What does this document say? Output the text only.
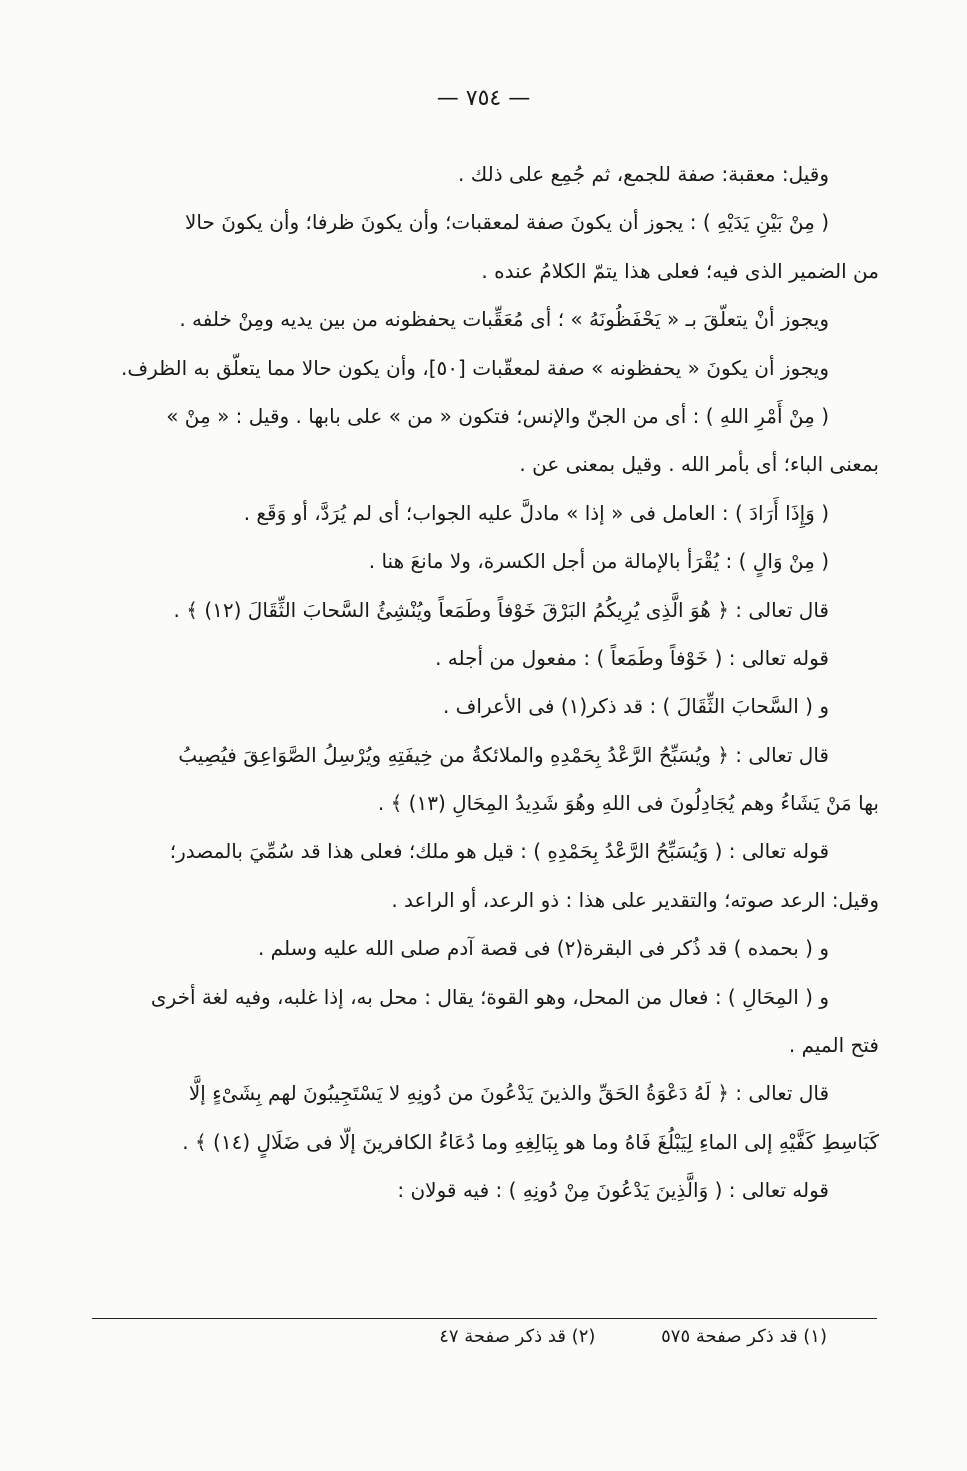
— ٧٥٤ —
وقيل: معقبة: صفة للجمع، ثم جُمِع على ذلك .
( مِنْ بَيْنِ يَدَيْهِ ) : يجوز أن يكونَ صفة لمعقبات؛ وأن يكونَ ظرفا؛ وأن يكونَ حالا
من الضمير الذى فيه؛ فعلى هذا يتمّ الكلامُ عنده .
ويجوز أنْ يتعلّقَ بـ « يَحْفَظُونَهُ » ؛ أى مُعَقِّبات يحفظونه من بين يديه ومِنْ خلفه .
ويجوز أن يكونَ « يحفظونه » صفة لمعقّبات [٥٠]، وأن يكون حالا مما يتعلّق به الظرف.
( مِنْ أَمْرِ اللهِ ) : أى من الجنّ والإنس؛ فتكون « من » على بابها . وقيل : « مِنْ »
بمعنى الباء؛ أى بأمر الله . وقيل بمعنى عن .
( وَإِذَا أَرَادَ ) : العامل فى « إذا » مادلَّ عليه الجواب؛ أى لم يُرَدَّ، أو وَقَع .
( مِنْ وَالٍ ) : يُقْرَأ بالإمالة من أجل الكسرة، ولا مانعَ هنا .
قال تعالى : ﴿ هُوَ الَّذِى يُرِيكُمُ البَرْقَ خَوْفاً وطَمَعاً ويُنْشِئُ السَّحابَ الثِّقَالَ (١٢) ﴾ .
قوله تعالى : ( خَوْفاً وطَمَعاً ) : مفعول من أجله .
و ( السَّحابَ الثِّقَالَ ) : قد ذكر(١) فى الأعراف .
قال تعالى : ﴿ ويُسَبِّحُ الرَّعْدُ بِحَمْدِهِ والملائكةُ من خِيفَتِهِ ويُرْسِلُ الصَّوَاعِقَ فيُصِيبُ
بها مَنْ يَشَاءُ وهم يُجَادِلُونَ فى اللهِ وهُوَ شَدِيدُ المِحَالِ (١٣) ﴾ .
قوله تعالى : ( وَيُسَبِّحُ الرَّعْدُ بِحَمْدِهِ ) : قيل هو ملك؛ فعلى هذا قد سُمِّيَ بالمصدر؛
وقيل: الرعد صوته؛ والتقدير على هذا : ذو الرعد، أو الراعد .
و ( بحمده ) قد ذُكر فى البقرة(٢) فى قصة آدم صلى الله عليه وسلم .
و ( المِحَالِ ) : فعال من المحل، وهو القوة؛ يقال : محل به، إذا غلبه، وفيه لغة أخرى
فتح الميم .
قال تعالى : ﴿ لَهُ دَعْوَةُ الحَقِّ والذينَ يَدْعُونَ من دُونِهِ لا يَسْتَجِيبُونَ لهم بِشَىْءٍ إلَّا
كَبَاسِطِ كَفَّيْهِ إلى الماءِ لِيَبْلُغَ فَاهُ وما هو بِبَالِغِهِ وما دُعَاءُ الكافرينَ إلّا فى ضَلَالٍ (١٤) ﴾ .
قوله تعالى : ( وَالَّذِينَ يَدْعُونَ مِنْ دُونِهِ ) : فيه قولان :
(١) قد ذكر صفحة ٥٧٥ (٢) قد ذكر صفحة ٤٧
